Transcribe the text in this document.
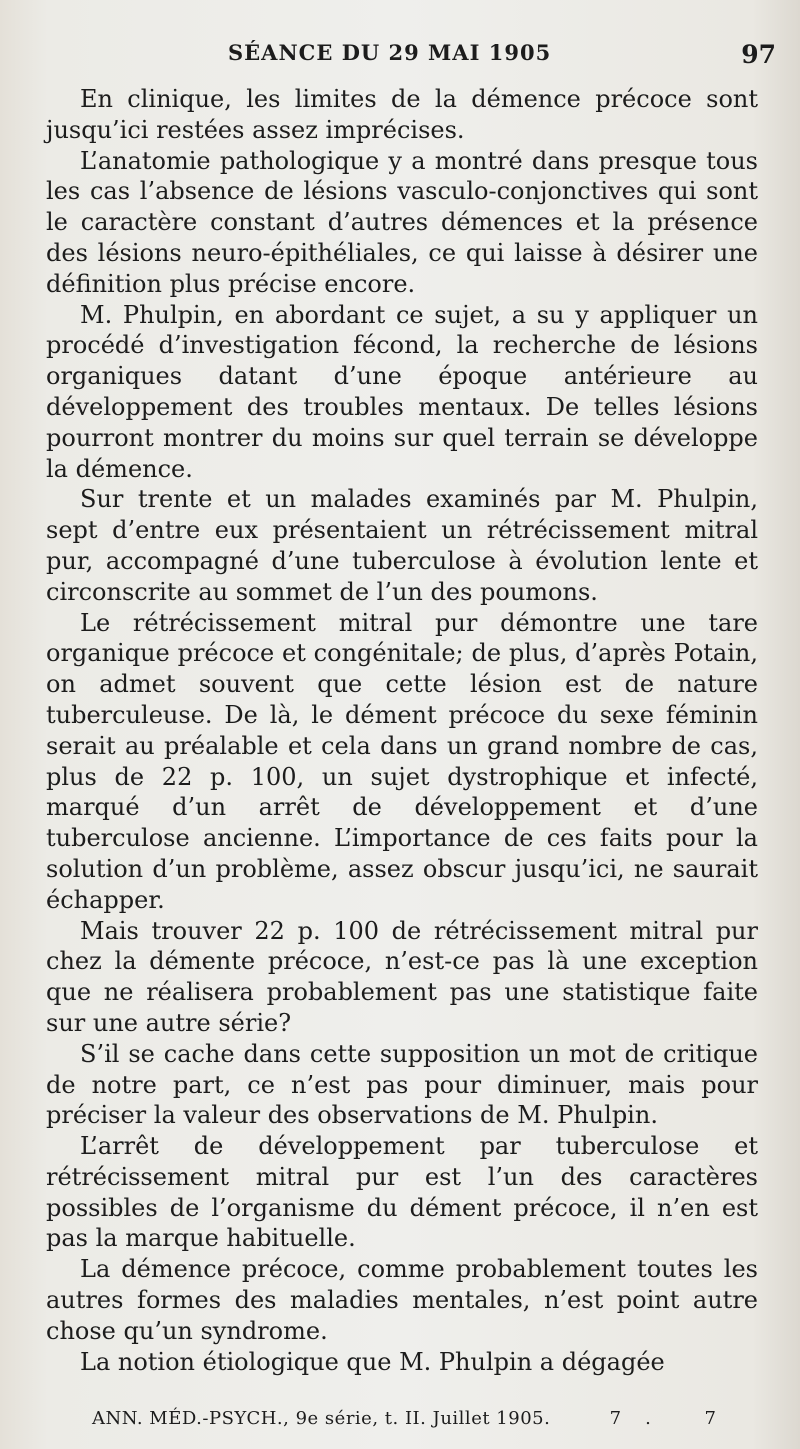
SÉANCE DU 29 MAI 1905	97

En clinique, les limites de la démence précoce sont jusqu’ici restées assez imprécises.

L’anatomie pathologique y a montré dans presque tous les cas l’absence de lésions vasculo-conjonctives qui sont le caractère constant d’autres démences et la présence des lésions neuro-épithéliales, ce qui laisse à désirer une définition plus précise encore.

M. Phulpin, en abordant ce sujet, a su y appliquer un procédé d’investigation fécond, la recherche de lésions organiques datant d’une époque antérieure au développement des troubles mentaux. De telles lésions pourront montrer du moins sur quel terrain se développe la démence.

Sur trente et un malades examinés par M. Phulpin, sept d’entre eux présentaient un rétrécissement mitral pur, accompagné d’une tuberculose à évolution lente et circonscrite au sommet de l’un des poumons.

Le rétrécissement mitral pur démontre une tare organique précoce et congénitale; de plus, d’après Potain, on admet souvent que cette lésion est de nature tuberculeuse. De là, le dément précoce du sexe féminin serait au préalable et cela dans un grand nombre de cas, plus de 22 p. 100, un sujet dystrophique et infecté, marqué d’un arrêt de développement et d’une tuberculose ancienne. L’importance de ces faits pour la solution d’un problème, assez obscur jusqu’ici, ne saurait échapper.

Mais trouver 22 p. 100 de rétrécissement mitral pur chez la démente précoce, n’est-ce pas là une exception que ne réalisera probablement pas une statistique faite sur une autre série?

S’il se cache dans cette supposition un mot de critique de notre part, ce n’est pas pour diminuer, mais pour préciser la valeur des observations de M. Phulpin.

L’arrêt de développement par tuberculose et rétrécissement mitral pur est l’un des caractères possibles de l’organisme du dément précoce, il n’en est pas la marque habituelle.

La démence précoce, comme probablement toutes les autres formes des maladies mentales, n’est point autre chose qu’un syndrome.

La notion étiologique que M. Phulpin a dégagée

ANN. MÉD.-PSYCH., 9e série, t. II. Juillet 1905.	7. 7
